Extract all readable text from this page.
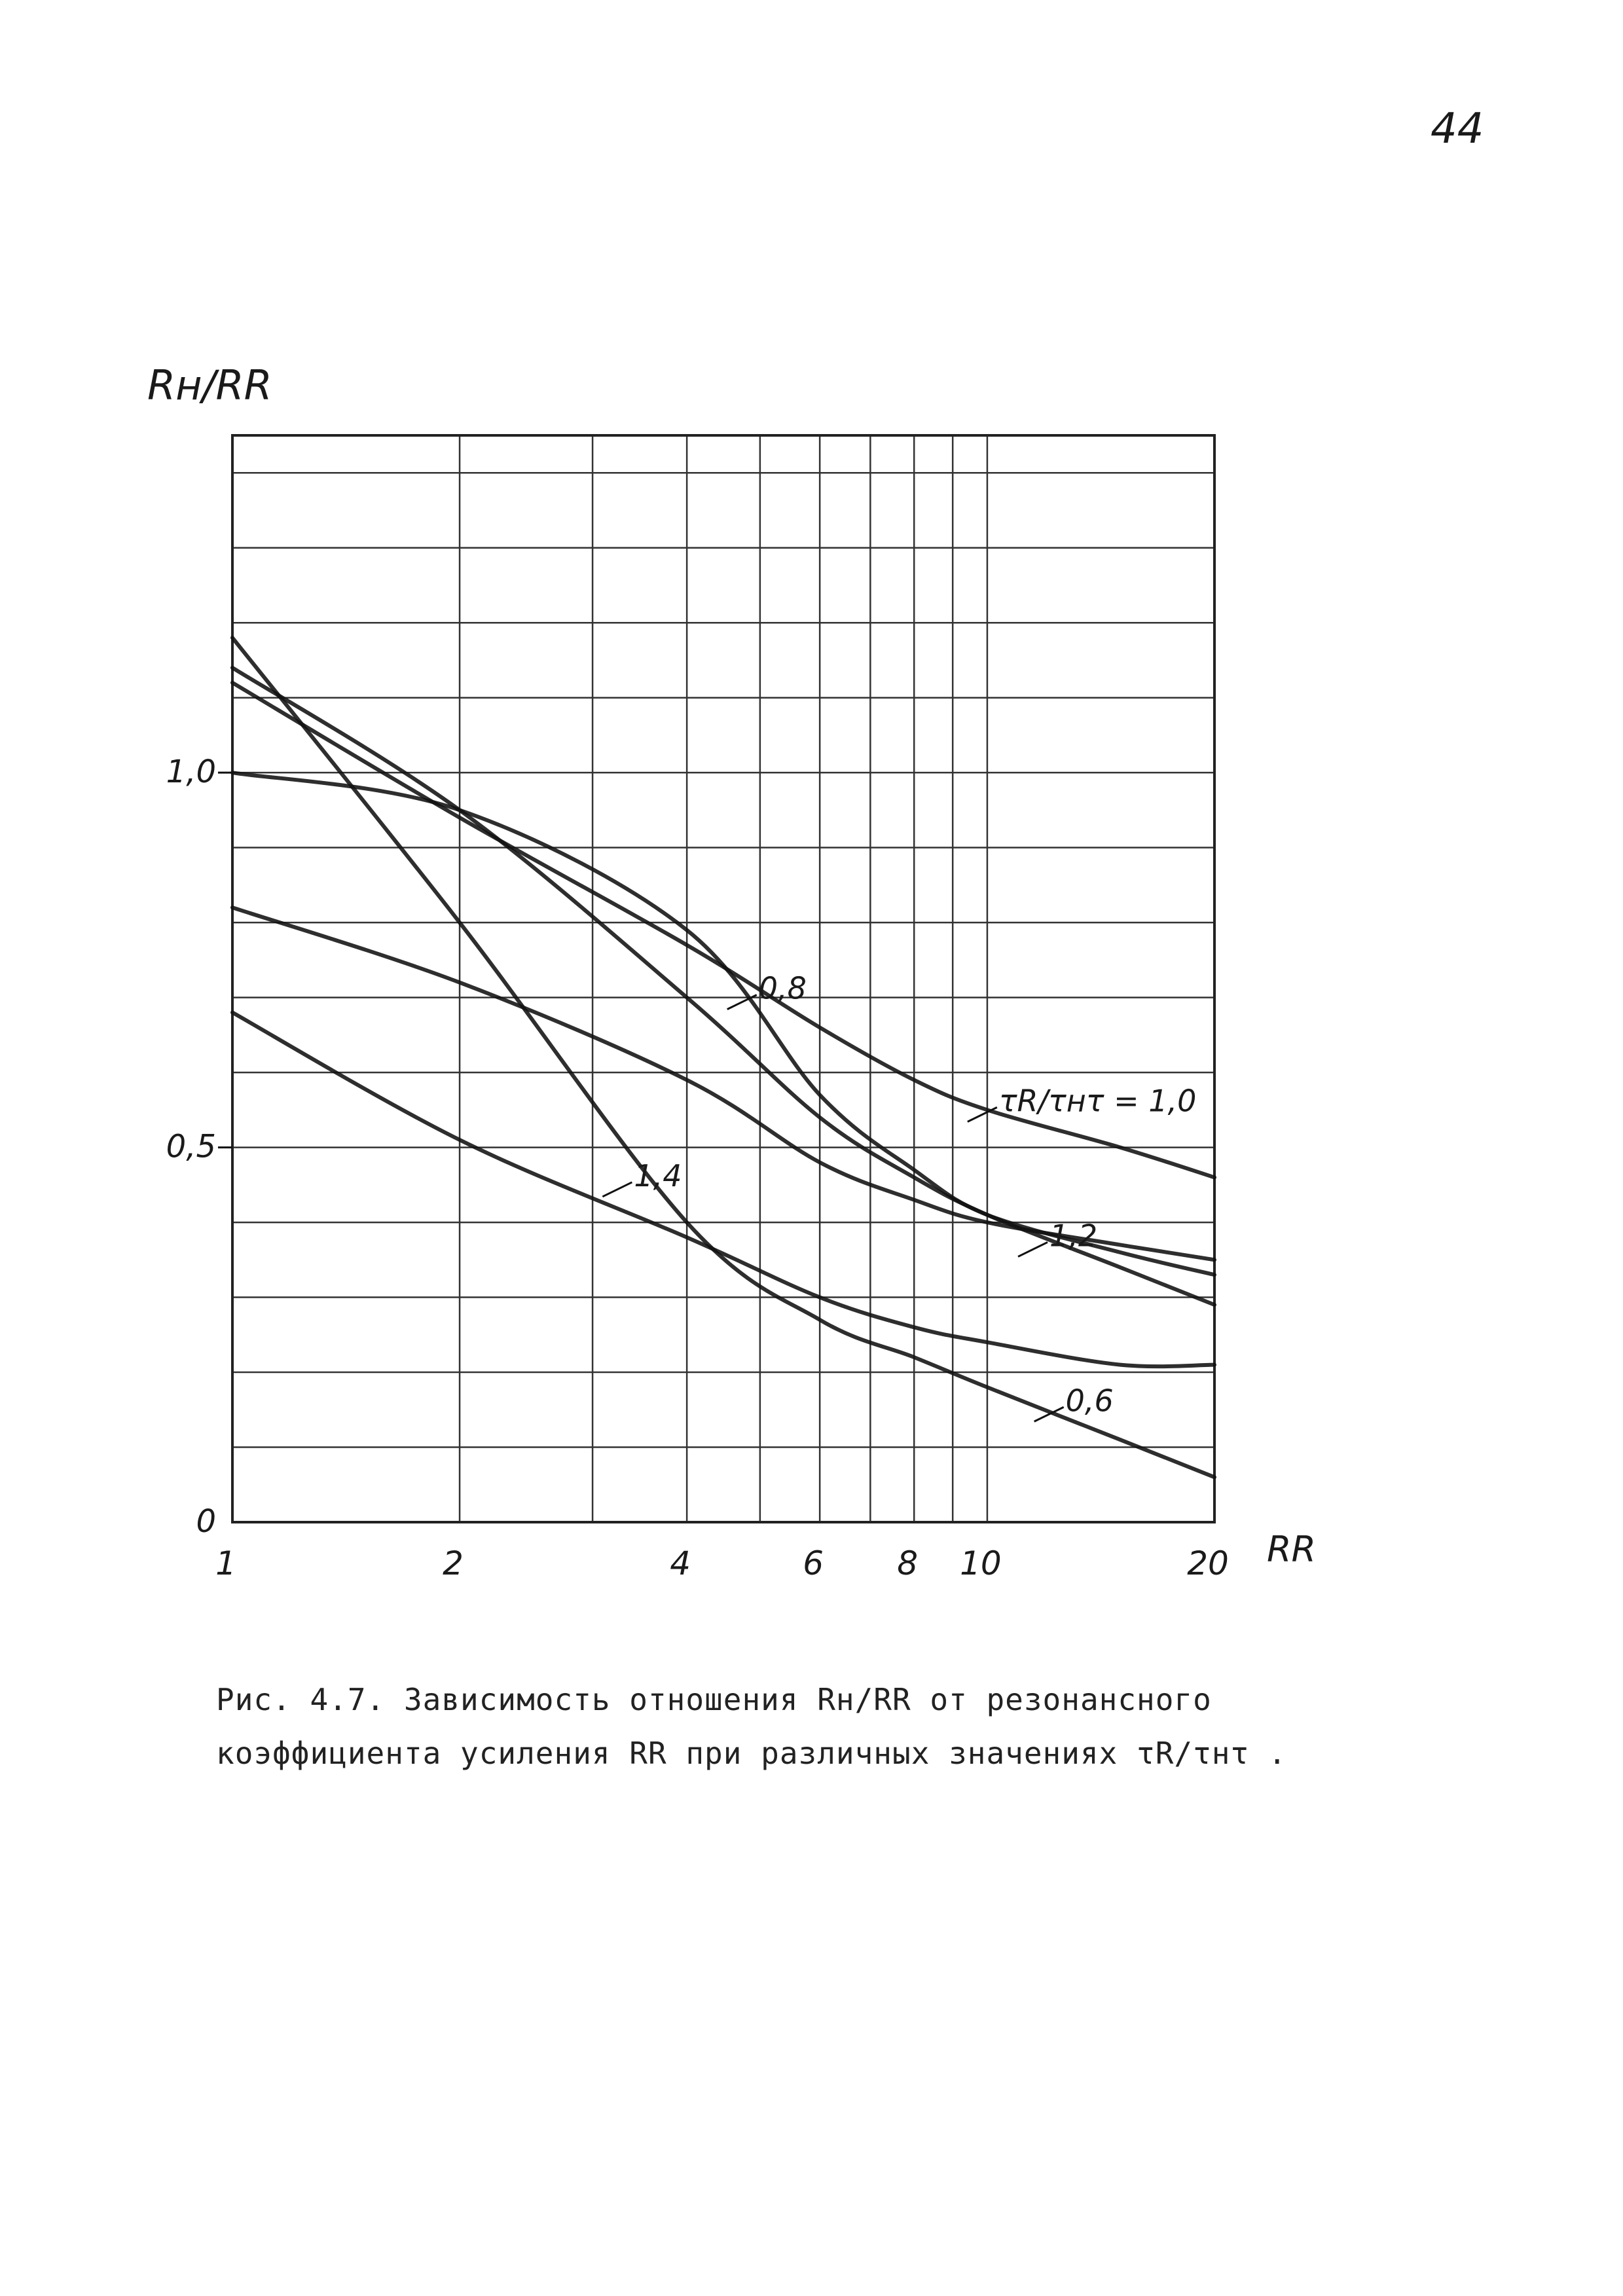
44
1	2	4	6 8 10	20
0
0,5
1,0
Rн/RR
RR
τR/τнτ = 1,0
0,8
1,2
1,4
0,6
Рис. 4.7. Зависимость отношения Rн/RR от резонансного
коэффициента усиления RR при различных значениях τR/τнτ .
